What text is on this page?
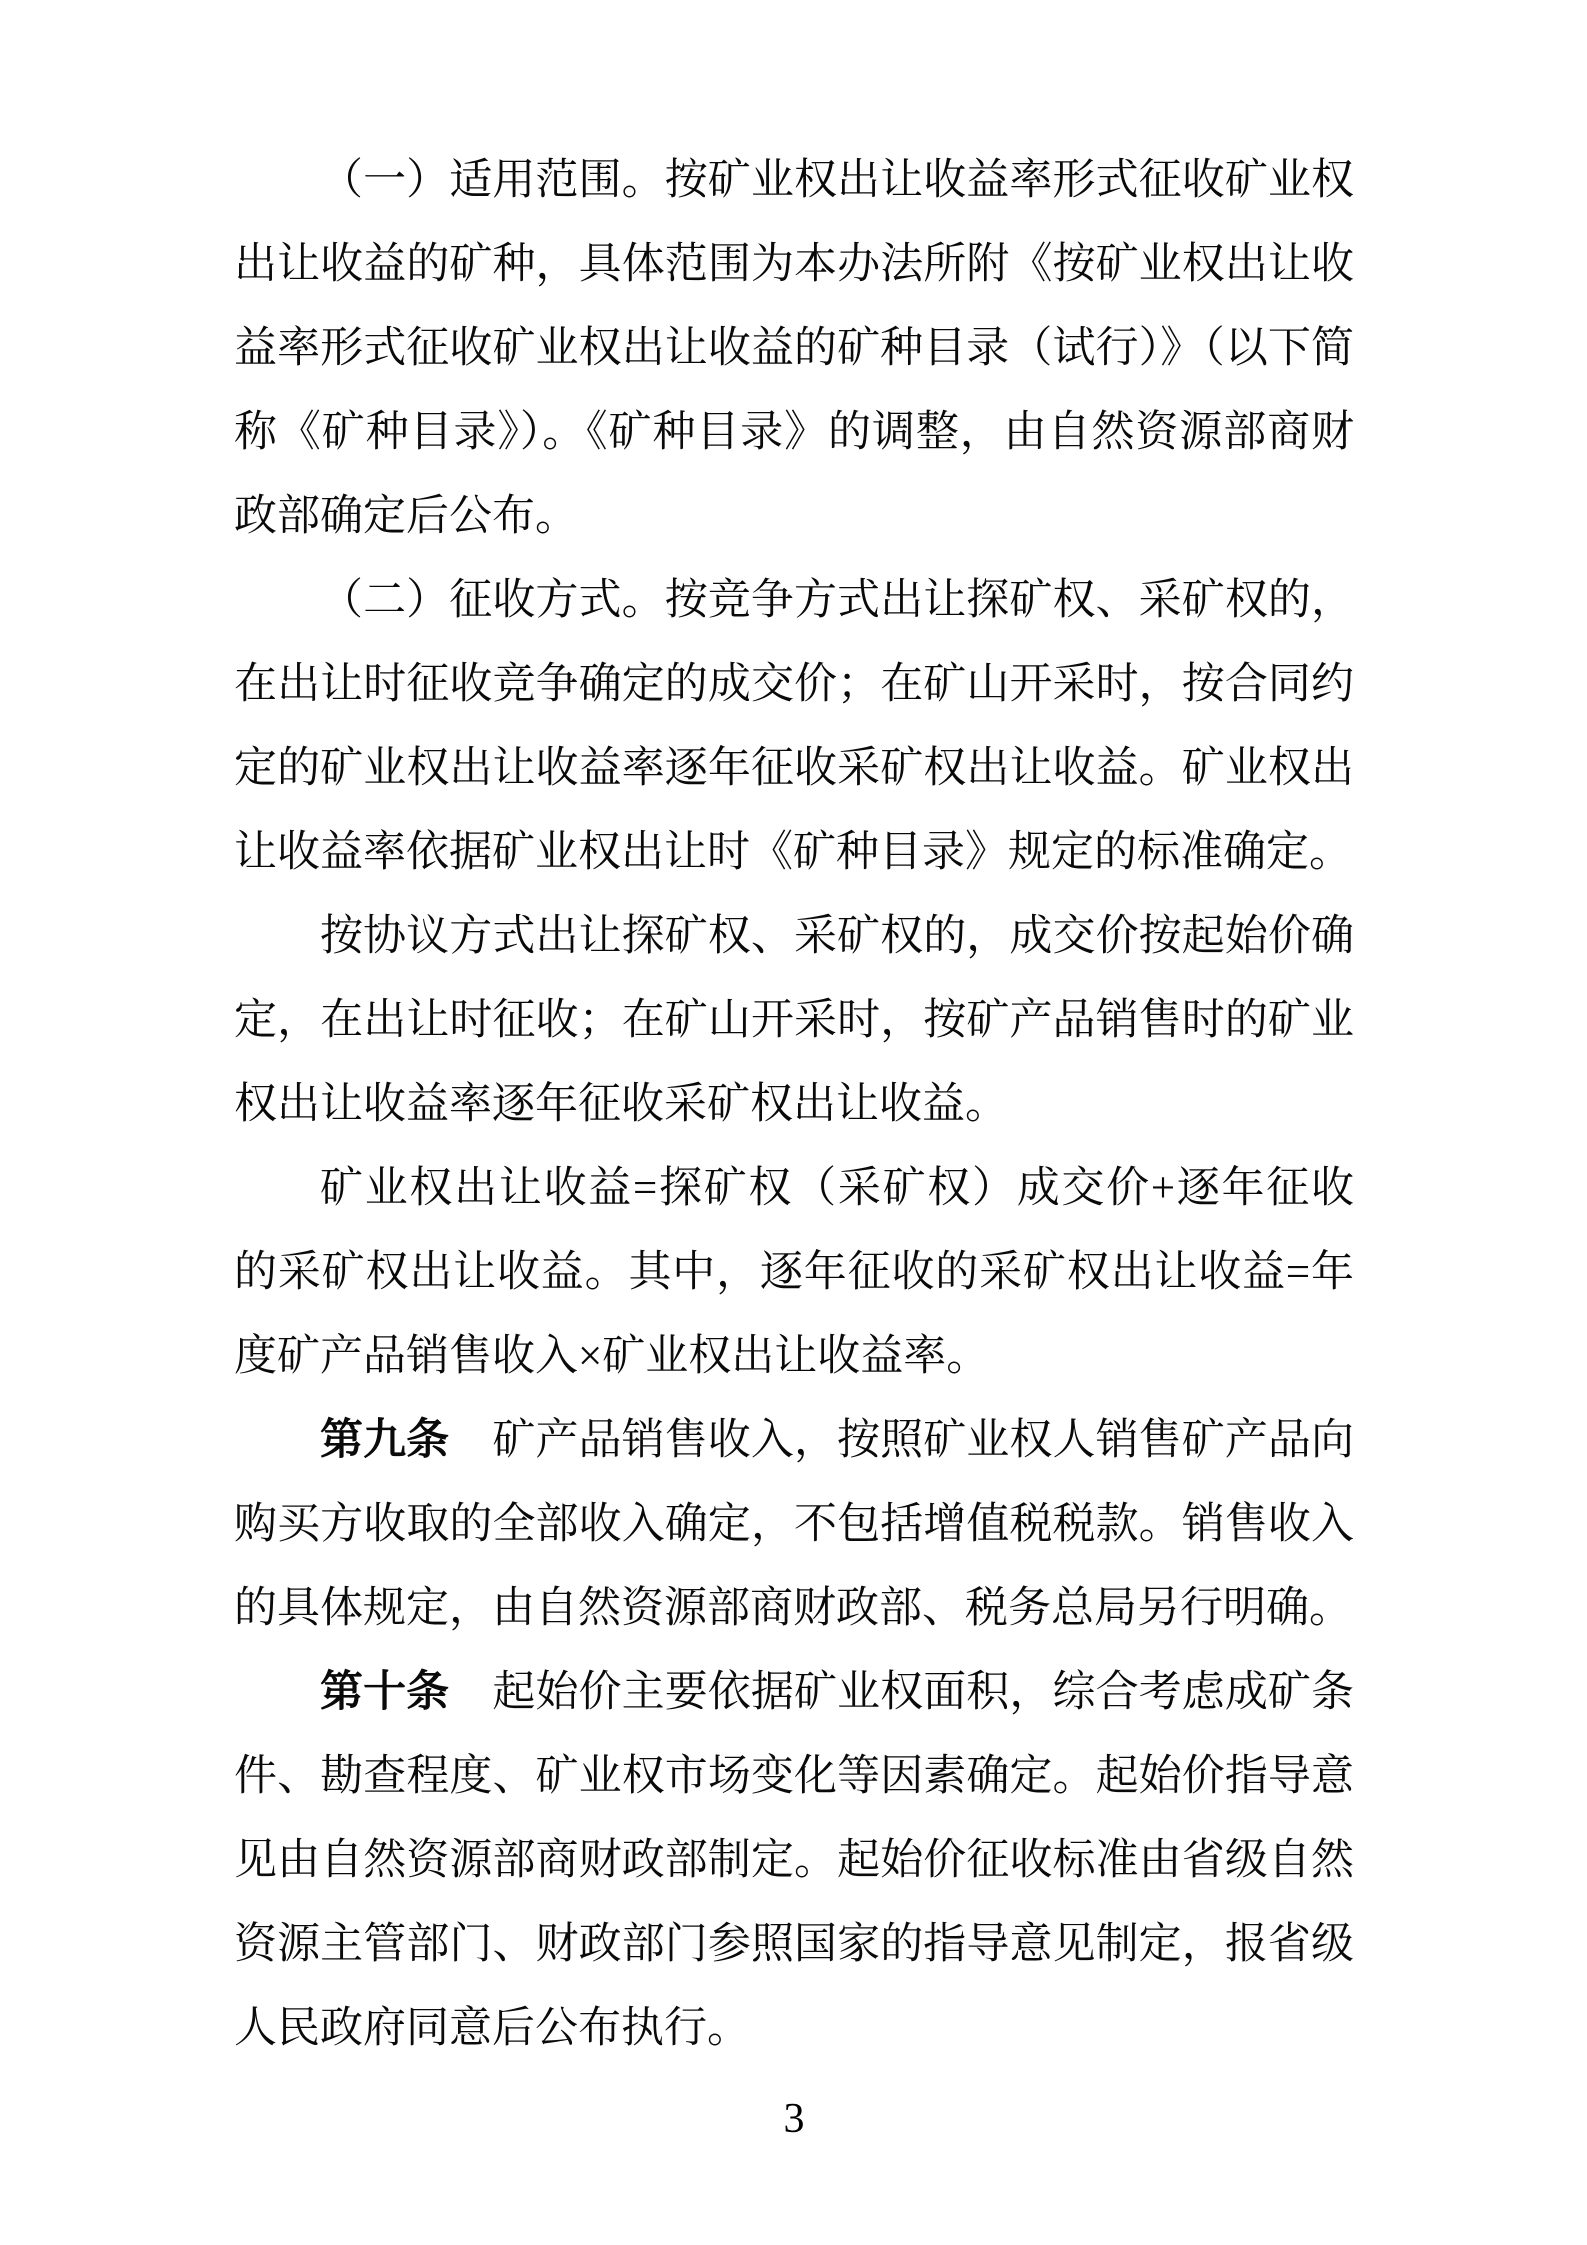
（一）适用范围。按矿业权出让收益率形式征收矿业权出让收益的矿种，具体范围为本办法所附《按矿业权出让收益率形式征收矿业权出让收益的矿种目录（试行）》（以下简称《矿种目录》）。《矿种目录》的调整，由自然资源部商财政部确定后公布。

（二）征收方式。按竞争方式出让探矿权、采矿权的，在出让时征收竞争确定的成交价；在矿山开采时，按合同约定的矿业权出让收益率逐年征收采矿权出让收益。矿业权出让收益率依据矿业权出让时《矿种目录》规定的标准确定。

按协议方式出让探矿权、采矿权的，成交价按起始价确定，在出让时征收；在矿山开采时，按矿产品销售时的矿业权出让收益率逐年征收采矿权出让收益。

矿业权出让收益=探矿权（采矿权）成交价+逐年征收的采矿权出让收益。其中，逐年征收的采矿权出让收益=年度矿产品销售收入×矿业权出让收益率。

第九条　矿产品销售收入，按照矿业权人销售矿产品向购买方收取的全部收入确定，不包括增值税税款。销售收入的具体规定，由自然资源部商财政部、税务总局另行明确。

第十条　起始价主要依据矿业权面积，综合考虑成矿条件、勘查程度、矿业权市场变化等因素确定。起始价指导意见由自然资源部商财政部制定。起始价征收标准由省级自然资源主管部门、财政部门参照国家的指导意见制定，报省级人民政府同意后公布执行。

3
